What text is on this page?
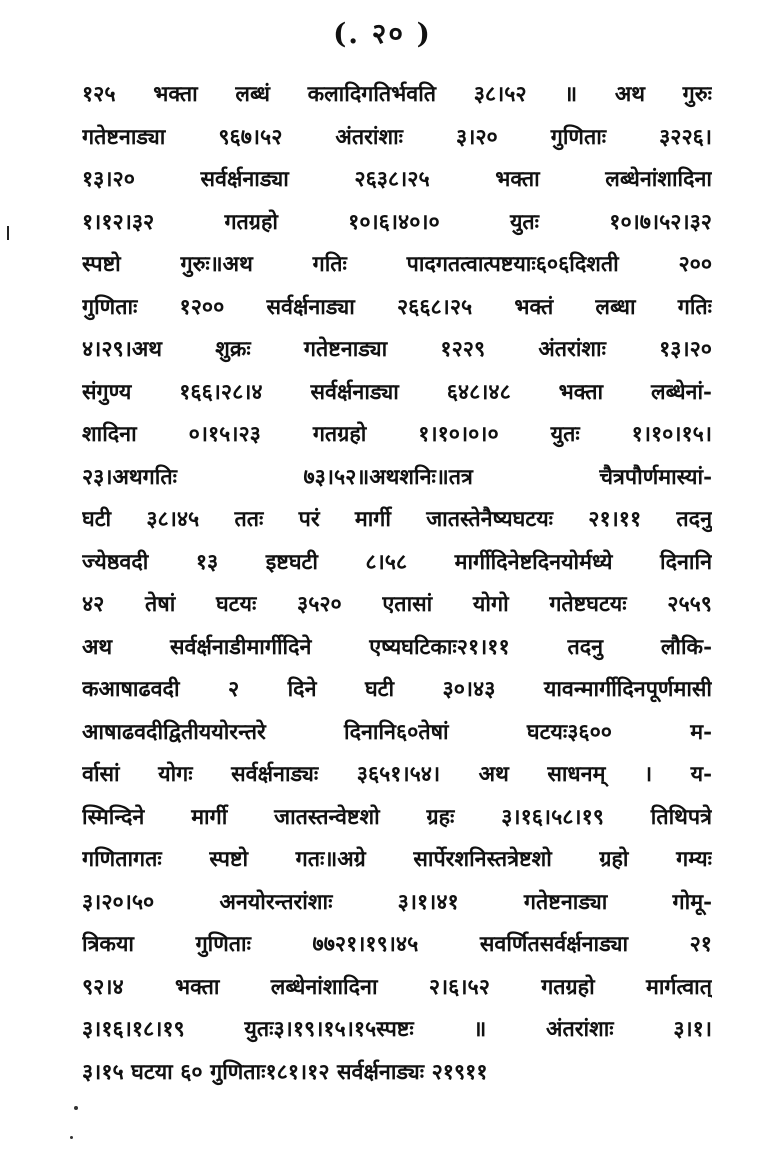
(. २० )
१२५ भक्ता लब्धं कलादिगतिर्भवति ३८।५२ ॥ अथ गुरुः
गतेष्टनाड्या ९६७।५२ अंतरांशाः ३।२० गुणिताः ३२२६।
१३।२० सर्वर्क्षनाड्या २६३८।२५ भक्ता लब्धेनांशादिना
१।१२।३२ गतग्रहो १०।६।४०।० युतः १०।७।५२।३२
स्पष्टो गुरुः॥अथ गतिः पादगतत्वात्पष्टयाः६०६दिशती २००
गुणिताः १२०० सर्वर्क्षनाड्या २६६८।२५ भक्तं लब्धा गतिः
४।२९।अथ शुक्रः गतेष्टनाड्या १२२९ अंतरांशाः १३।२०
संगुण्य १६६।२८।४ सर्वर्क्षनाड्या ६४८।४८ भक्ता लब्धेनां-
शादिना ०।१५।२३ गतग्रहो १।१०।०।० युतः १।१०।१५।
२३।अथगतिः ७३।५२॥अथशनिः॥तत्र चैत्रपौर्णमास्यां-
घटी ३८।४५ ततः परं मार्गी जातस्तेनैष्यघटयः २१।११ तदनु
ज्येष्ठवदी १३ इष्टघटी ८।५८ मार्गीदिनेष्टदिनयोर्मध्ये दिनानि
४२ तेषां घटयः ३५२० एतासां योगो गतेष्टघटयः २५५९
अथ सर्वर्क्षनाडीमार्गीदिने एष्यघटिकाः२१।११ तदनु लौकि-
कआषाढवदी २ दिने घटी ३०।४३ यावन्मार्गीदिनपूर्णमासी
आषाढवदीद्वितीययोरन्तरे दिनानि६०तेषां घटयः३६०० म-
र्वासां योगः सर्वर्क्षनाड्यः ३६५१।५४। अथ साधनम् । य-
स्मिन्दिने मार्गी जातस्तन्वेष्टशो ग्रहः ३।१६।५८।१९ तिथिपत्रे
गणितागतः स्पष्टो गतः॥अग्रे सार्पेरशनिस्तत्रेष्टशो ग्रहो गम्यः
३।२०।५० अनयोरन्तरांशाः ३।१।४१ गतेष्टनाड्या गोमू-
त्रिकया गुणिताः ७७२१।१९।४५ सवर्णितसर्वर्क्षनाड्या २१
९२।४ भक्ता लब्धेनांशादिना २।६।५२ गतग्रहो मार्गत्वात्
३।१६।१८।१९ युतः३।१९।१५।१५स्पष्टः ॥ अंतरांशाः ३।१।
३।१५ घटया ६० गुणिताः१८१।१२ सर्वर्क्षनाड्यः २१९११
